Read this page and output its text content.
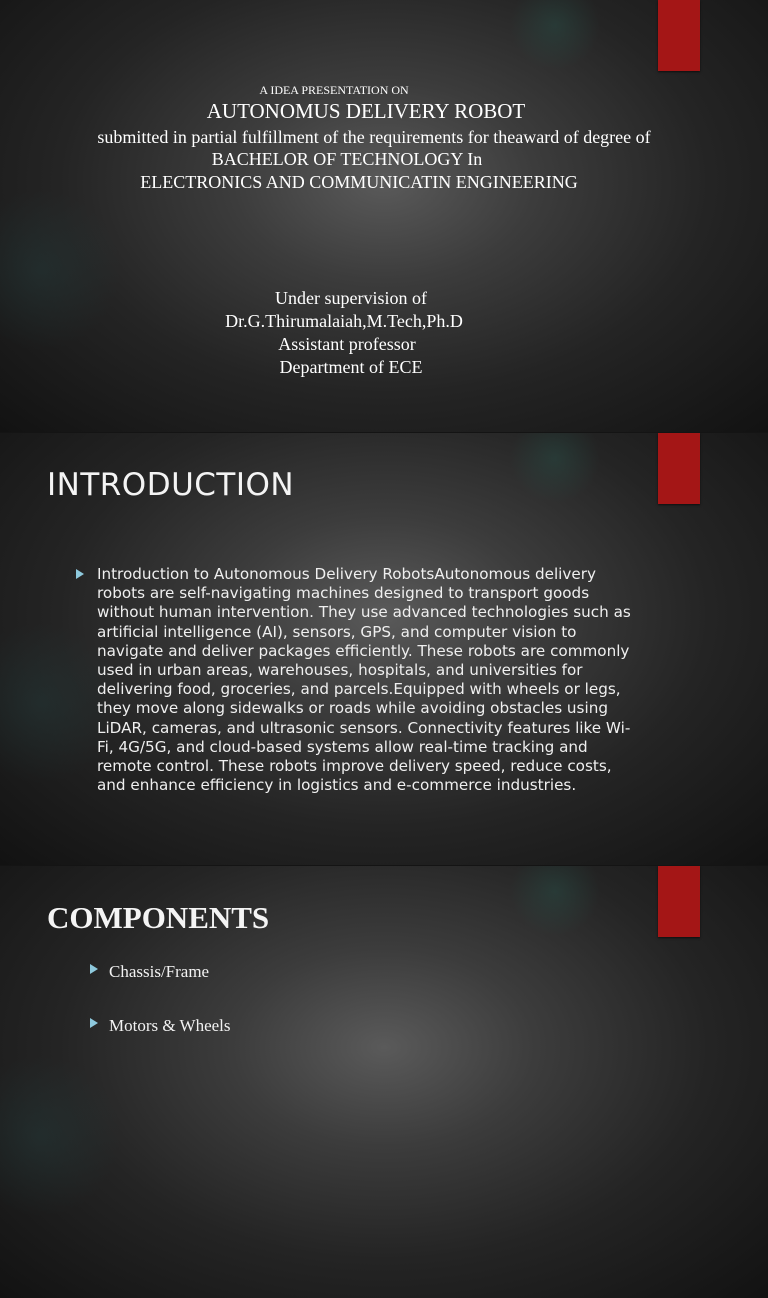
A IDEA PRESENTATION ON
AUTONOMUS DELIVERY ROBOT
submitted in partial fulfillment of the requirements for theaward of degree of
BACHELOR OF TECHNOLOGY In
ELECTRONICS AND COMMUNICATIN ENGINEERING
Under supervision of
Dr.G.Thirumalaiah,M.Tech,Ph.D
Assistant professor
Department of ECE
INTRODUCTION
Introduction to Autonomous Delivery RobotsAutonomous delivery robots are self-navigating machines designed to transport goods without human intervention. They use advanced technologies such as artificial intelligence (AI), sensors, GPS, and computer vision to navigate and deliver packages efficiently. These robots are commonly used in urban areas, warehouses, hospitals, and universities for delivering food, groceries, and parcels.Equipped with wheels or legs, they move along sidewalks or roads while avoiding obstacles using LiDAR, cameras, and ultrasonic sensors. Connectivity features like Wi-Fi, 4G/5G, and cloud-based systems allow real-time tracking and remote control. These robots improve delivery speed, reduce costs, and enhance efficiency in logistics and e-commerce industries.
COMPONENTS
Chassis/Frame
Motors & Wheels
